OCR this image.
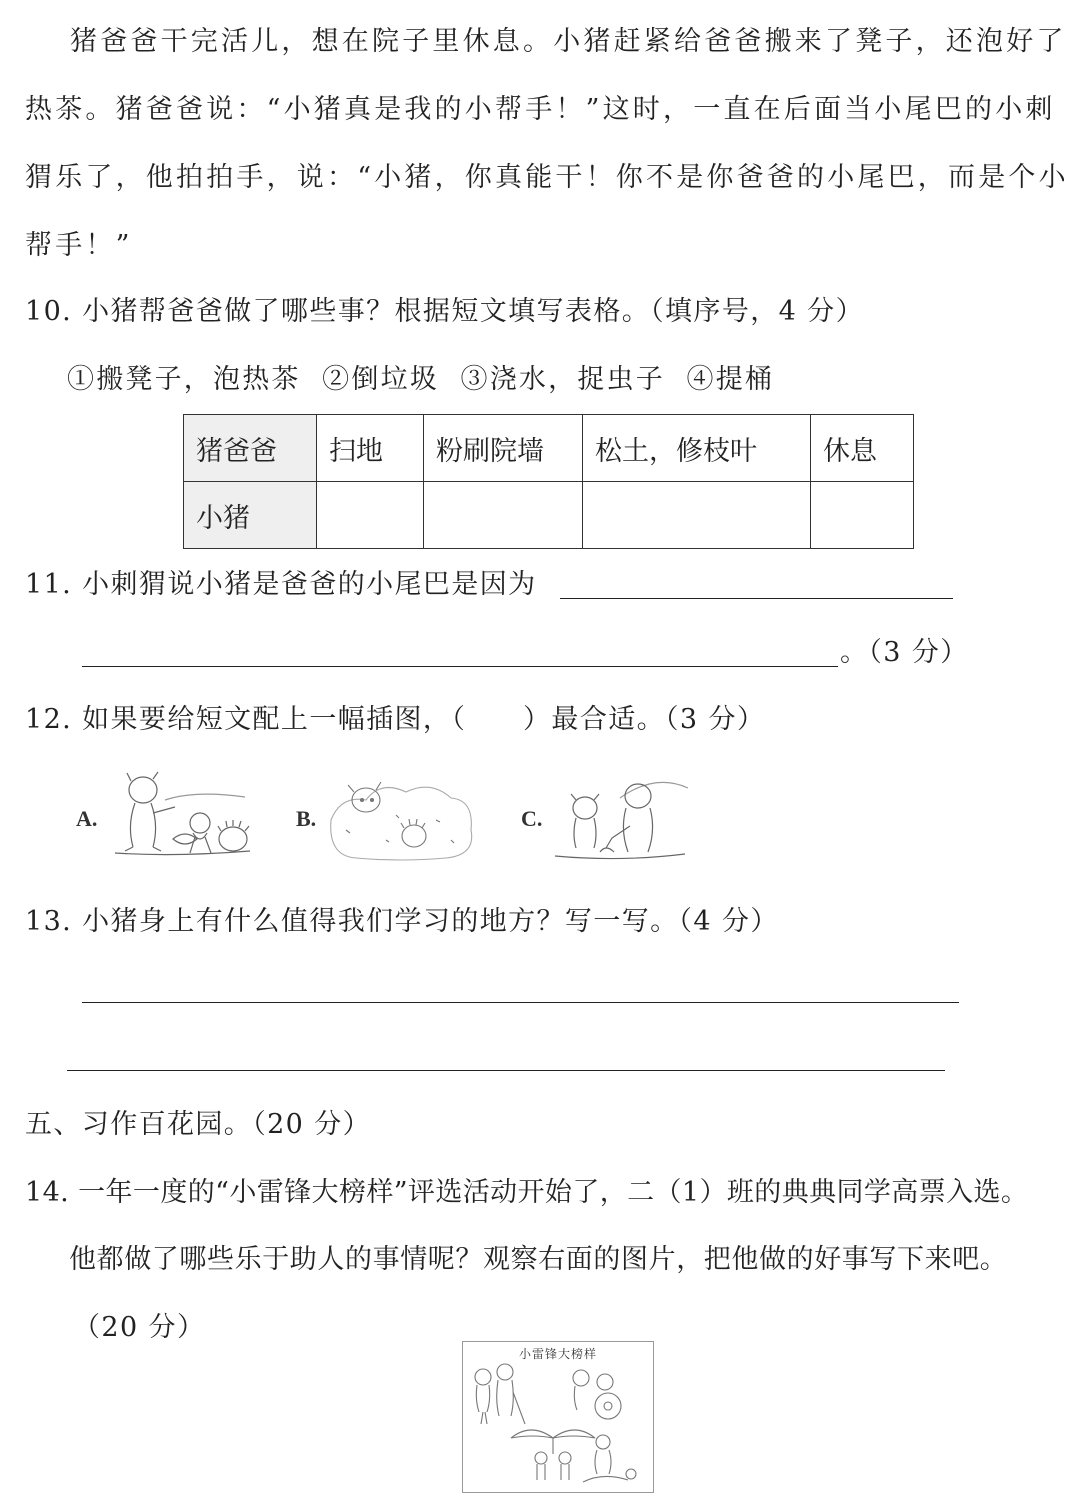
猪爸爸干完活儿，想在院子里休息。小猪赶紧给爸爸搬来了凳子，还泡好了
热茶。猪爸爸说：“小猪真是我的小帮手！”这时，一直在后面当小尾巴的小刺
猬乐了，他拍拍手，说：“小猪，你真能干！你不是你爸爸的小尾巴，而是个小
帮手！”
10. 小猪帮爸爸做了哪些事？根据短文填写表格。（填序号，4 分）
①搬凳子，泡热茶  ②倒垃圾  ③浇水，捉虫子  ④提桶
猪爸爸	扫地	粉刷院墙	松土，修枝叶	休息
小猪				
11. 小刺猬说小猪是爸爸的小尾巴是因为
。（3 分）
12. 如果要给短文配上一幅插图，（　　）最合适。（3 分）
A.	B.	C.
13. 小猪身上有什么值得我们学习的地方？写一写。（4 分）
五、习作百花园。（20 分）
14. 一年一度的“小雷锋大榜样”评选活动开始了，二（1）班的典典同学高票入选。
他都做了哪些乐于助人的事情呢？观察右面的图片，把他做的好事写下来吧。
（20 分）
小雷锋大榜样
